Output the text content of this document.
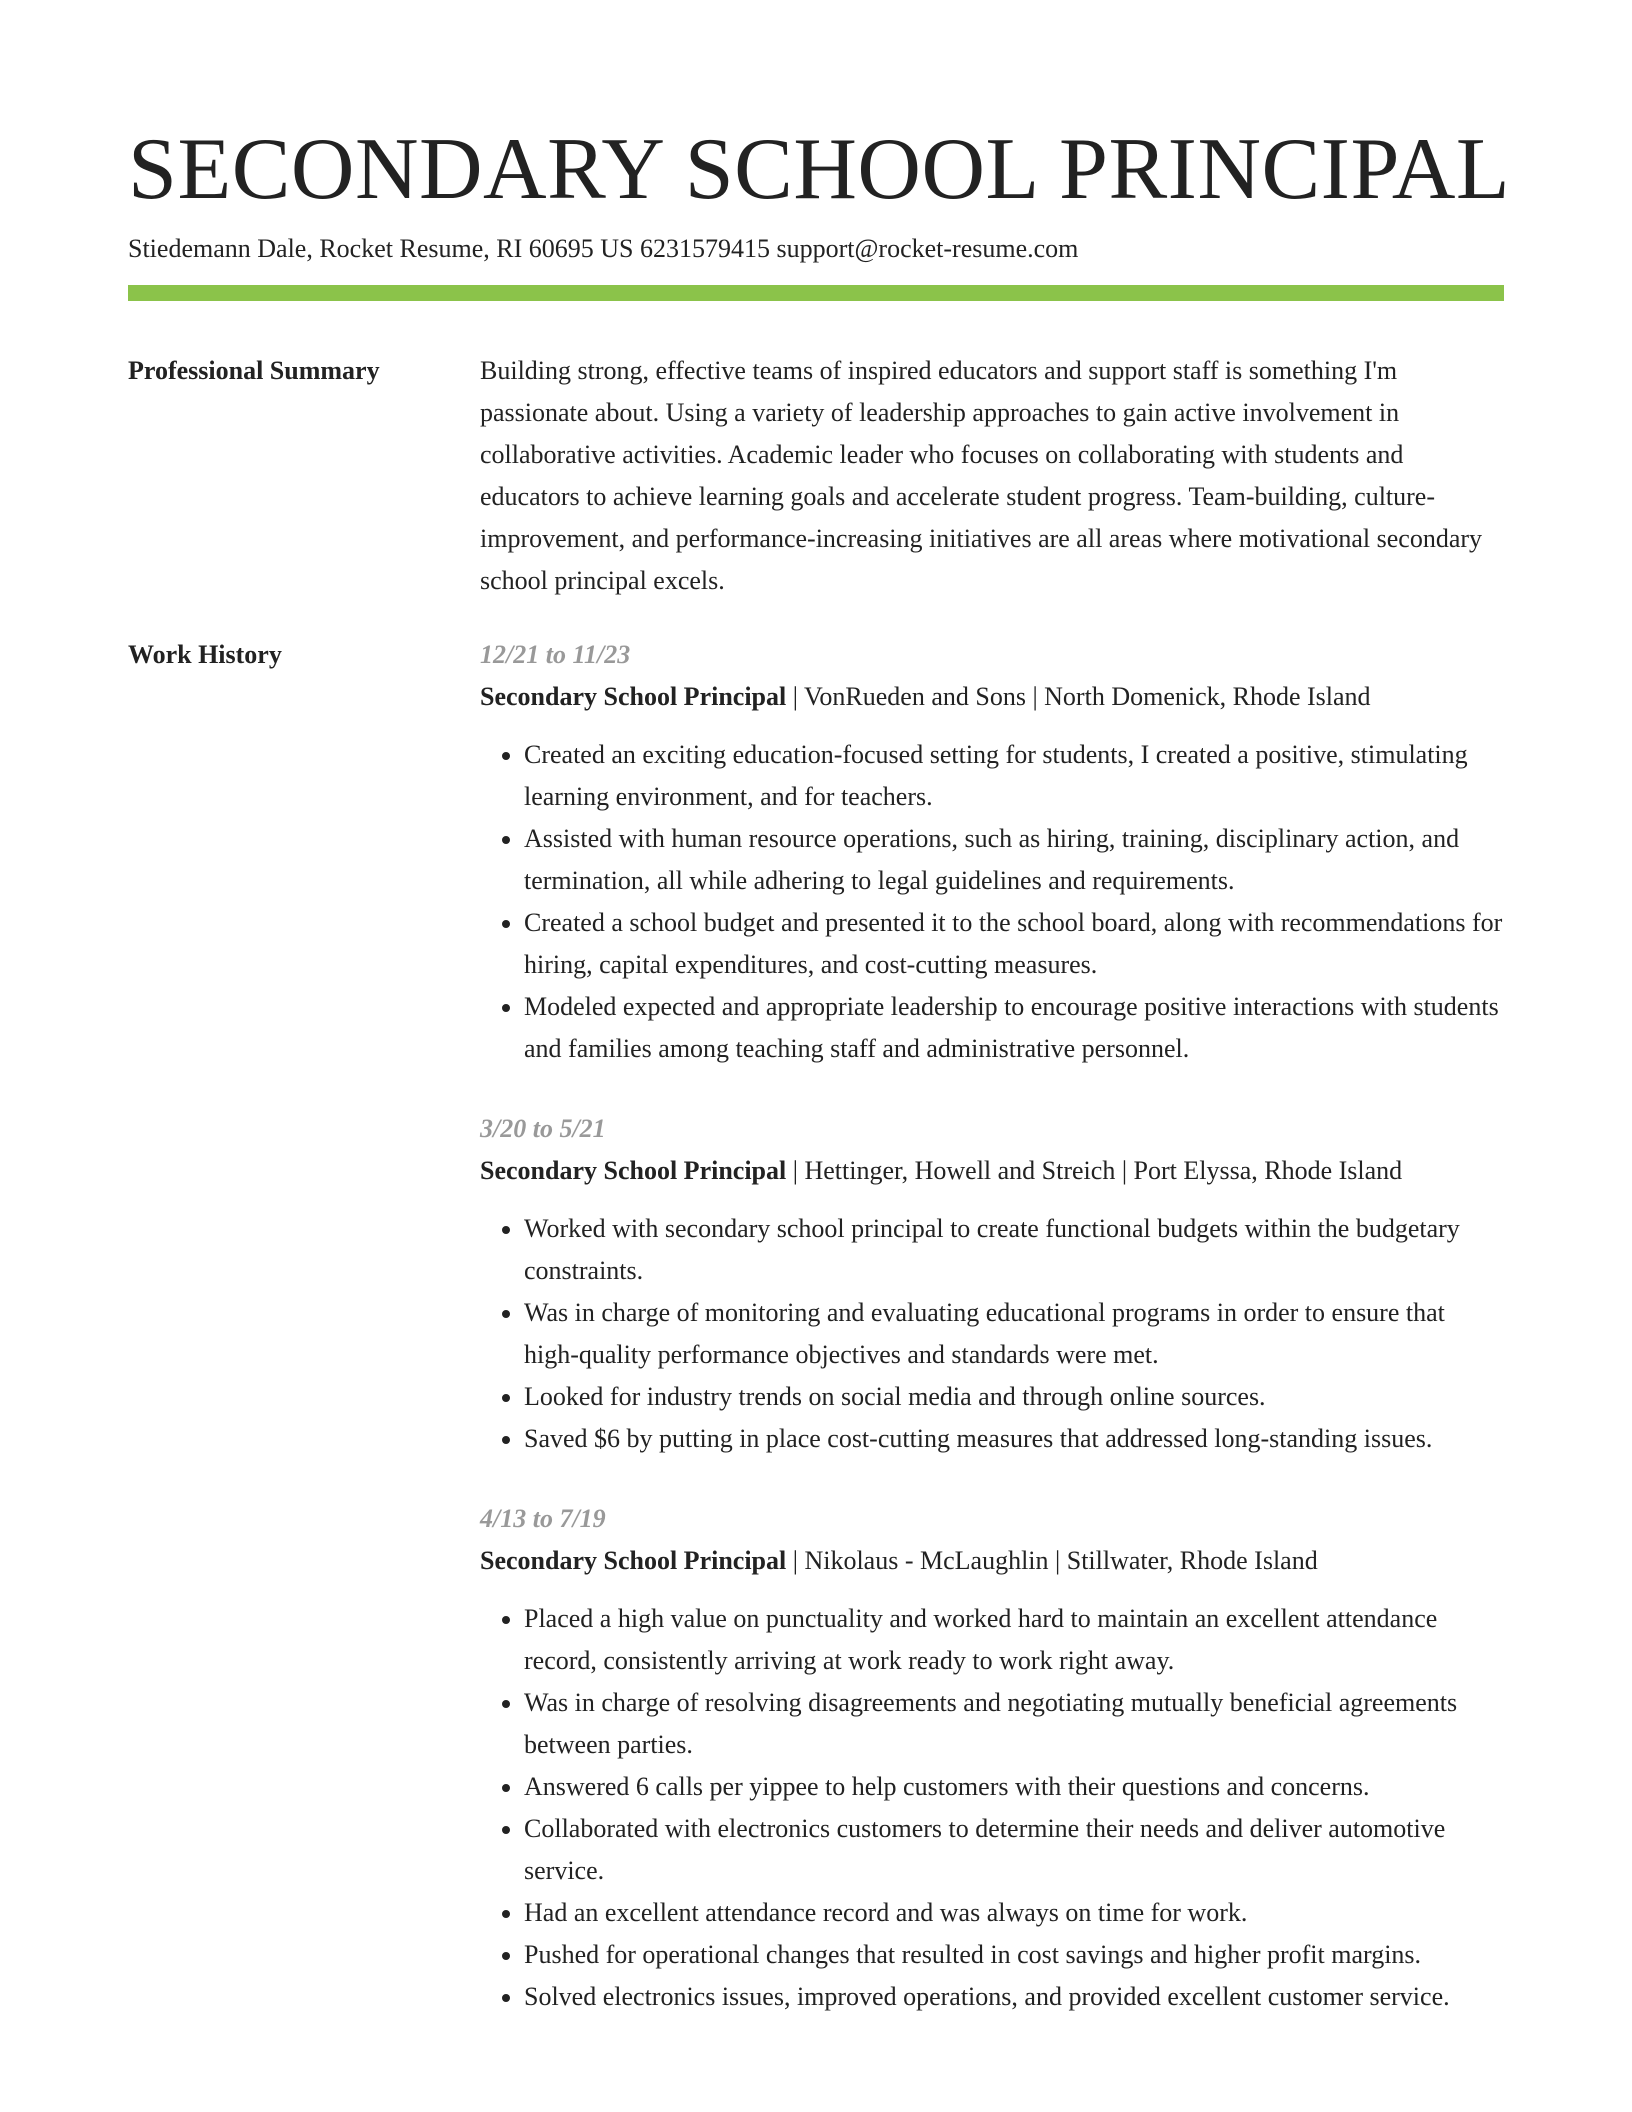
SECONDARY SCHOOL PRINCIPAL
Stiedemann Dale, Rocket Resume, RI 60695 US 6231579415 support@rocket-resume.com
Professional Summary	Building strong, effective teams of inspired educators and support staff is something I'm passionate about. Using a variety of leadership approaches to gain active involvement in collaborative activities. Academic leader who focuses on collaborating with students and educators to achieve learning goals and accelerate student progress. Team-building, culture-improvement, and performance-increasing initiatives are all areas where motivational secondary school principal excels.

Work History	12/21 to 11/23
Secondary School Principal | VonRueden and Sons | North Domenick, Rhode Island
• Created an exciting education-focused setting for students, I created a positive, stimulating learning environment, and for teachers.
• Assisted with human resource operations, such as hiring, training, disciplinary action, and termination, all while adhering to legal guidelines and requirements.
• Created a school budget and presented it to the school board, along with recommendations for hiring, capital expenditures, and cost-cutting measures.
• Modeled expected and appropriate leadership to encourage positive interactions with students and families among teaching staff and administrative personnel.
3/20 to 5/21
Secondary School Principal | Hettinger, Howell and Streich | Port Elyssa, Rhode Island
• Worked with secondary school principal to create functional budgets within the budgetary constraints.
• Was in charge of monitoring and evaluating educational programs in order to ensure that high-quality performance objectives and standards were met.
• Looked for industry trends on social media and through online sources.
• Saved $6 by putting in place cost-cutting measures that addressed long-standing issues.
4/13 to 7/19
Secondary School Principal | Nikolaus - McLaughlin | Stillwater, Rhode Island
• Placed a high value on punctuality and worked hard to maintain an excellent attendance record, consistently arriving at work ready to work right away.
• Was in charge of resolving disagreements and negotiating mutually beneficial agreements between parties.
• Answered 6 calls per yippee to help customers with their questions and concerns.
• Collaborated with electronics customers to determine their needs and deliver automotive service.
• Had an excellent attendance record and was always on time for work.
• Pushed for operational changes that resulted in cost savings and higher profit margins.
• Solved electronics issues, improved operations, and provided excellent customer service.
